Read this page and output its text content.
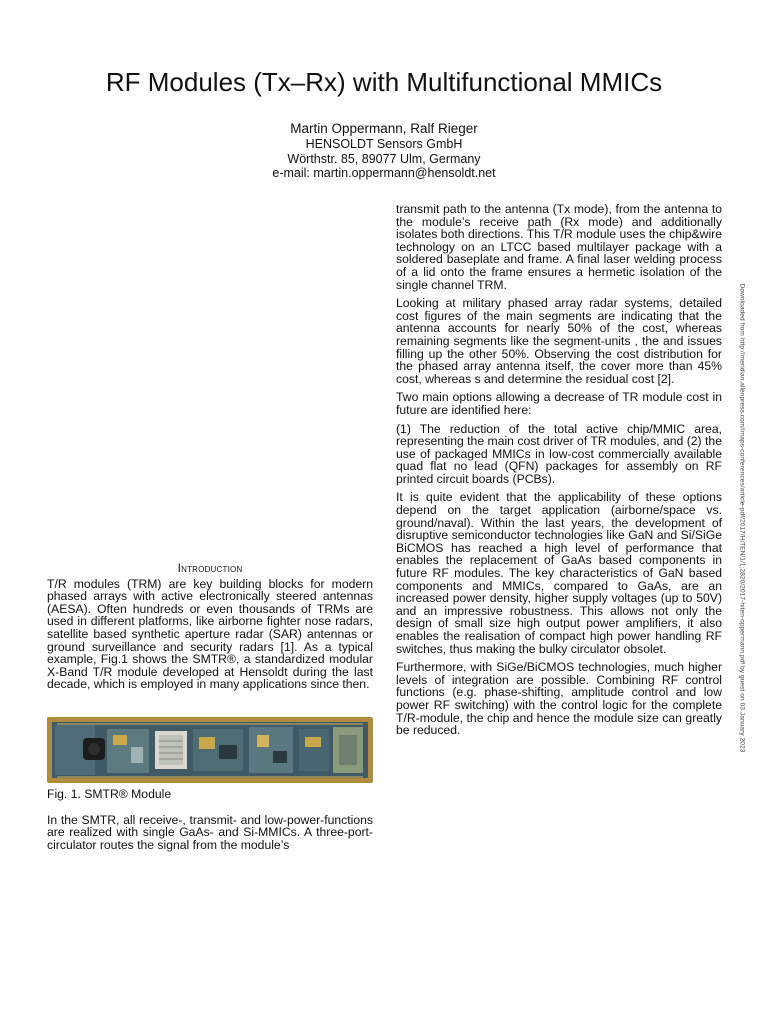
RF Modules (Tx–Rx) with Multifunctional MMICs
Martin Oppermann, Ralf Rieger
HENSOLDT Sensors GmbH
Wörthstr. 85, 89077 Ulm, Germany
e-mail: martin.oppermann@hensoldt.net
Introduction

T/R modules (TRM) are key building blocks for modern phased arrays with active electronically steered antennas (AESA). Often hundreds or even thousands of TRMs are used in different platforms, like airborne fighter nose radars, satellite based synthetic aperture radar (SAR) antennas or ground surveillance and security radars [1]. As a typical example, Fig.1 shows the SMTR®, a standardized modular X-Band T/R module developed at Hensoldt during the last decade, which is employed in many applications since then.

Fig. 1. SMTR® Module

In the SMTR, all receive-, transmit- and low-power-functions are realized with single GaAs- and Si-MMICs. A three-port-circulator routes the signal from the module’s

transmit path to the antenna (Tx mode), from the antenna to the module’s receive path (Rx mode) and additionally isolates both directions. This T/R module uses the chip&wire technology on an LTCC based multilayer package with a soldered baseplate and frame. A final laser welding process of a lid onto the frame ensures a hermetic isolation of the single channel TRM.

Looking at military phased array radar systems, detailed cost figures of the main segments are indicating that the antenna accounts for nearly 50% of the cost, whereas remaining segments like the segment-units , the and issues filling up the other 50%. Observing the cost distribution for the phased array antenna itself, the cover more than 45% cost, whereas s and determine the residual cost [2].

Two main options allowing a decrease of TR module cost in future are identified here:

(1) The reduction of the total active chip/MMIC area, representing the main cost driver of TR modules, and (2) the use of packaged MMICs in low-cost commercially available quad flat no lead (QFN) packages for assembly on RF printed circuit boards (PCBs).

It is quite evident that the applicability of these options depend on the target application (airborne/space vs. ground/naval). Within the last years, the development of disruptive semiconductor technologies like GaN and Si/SiGe BiCMOS has reached a high level of performance that enables the replacement of GaAs based components in future RF modules. The key characteristics of GaN based components and MMICs, compared to GaAs, are an increased power density, higher supply voltages (up to 50V) and an impressive robustness. This allows not only the design of small size high output power amplifiers, it also enables the realisation of compact high power handling RF switches, thus making the bulky circulator obsolet.

Furthermore, with SiGe/BiCMOS technologies, much higher levels of integration are possible. Combining RF control functions (e.g. phase-shifting, amplitude control and low power RF switching) with the control logic for the complete T/R-module, the chip and hence the module size can greatly be reduced.	Downloaded from http://meridian.allenpress.com/imaps-conferences/article-pdf/2017/HiTEN/1/1:2820/2017-hiten-oppermann.pdf by guest on 03 January 2023
